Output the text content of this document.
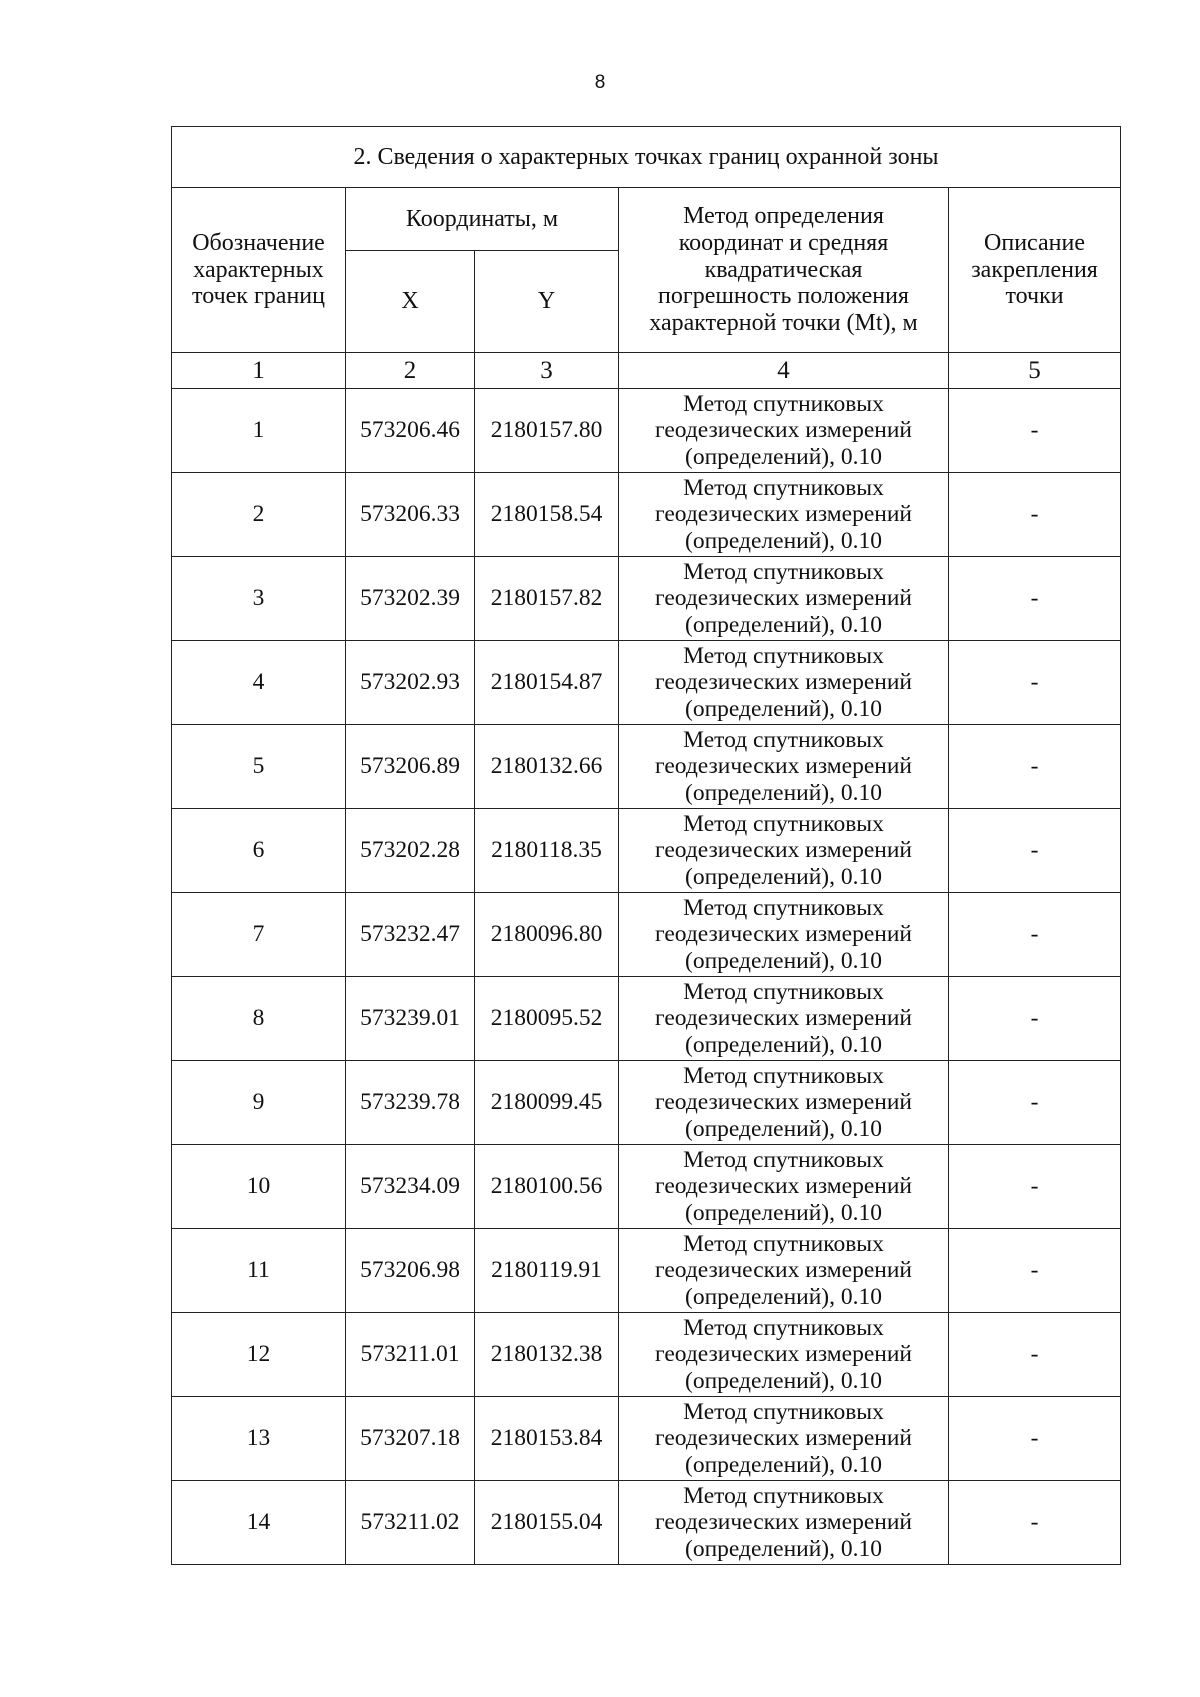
8
2. Сведения о характерных точках границ охранной зоны				

Обозначение
характерных
точек границ	Координаты, м		Метод определения
координат и средняя
квадратическая
погрешность положения
характерной точки (Mt), м	Описание
закрепления
точки

	X	Y		
1	2	3	4	5
1	573206.46	2180157.80	Метод спутниковых
геодезических измерений
(определений), 0.10	-
2	573206.33	2180158.54	Метод спутниковых
геодезических измерений
(определений), 0.10	-
3	573202.39	2180157.82	Метод спутниковых
геодезических измерений
(определений), 0.10	-
4	573202.93	2180154.87	Метод спутниковых
геодезических измерений
(определений), 0.10	-
5	573206.89	2180132.66	Метод спутниковых
геодезических измерений
(определений), 0.10	-
6	573202.28	2180118.35	Метод спутниковых
геодезических измерений
(определений), 0.10	-
7	573232.47	2180096.80	Метод спутниковых
геодезических измерений
(определений), 0.10	-
8	573239.01	2180095.52	Метод спутниковых
геодезических измерений
(определений), 0.10	-
9	573239.78	2180099.45	Метод спутниковых
геодезических измерений
(определений), 0.10	-
10	573234.09	2180100.56	Метод спутниковых
геодезических измерений
(определений), 0.10	-
11	573206.98	2180119.91	Метод спутниковых
геодезических измерений
(определений), 0.10	-
12	573211.01	2180132.38	Метод спутниковых
геодезических измерений
(определений), 0.10	-
13	573207.18	2180153.84	Метод спутниковых
геодезических измерений
(определений), 0.10	-
14	573211.02	2180155.04	Метод спутниковых
геодезических измерений
(определений), 0.10	-
